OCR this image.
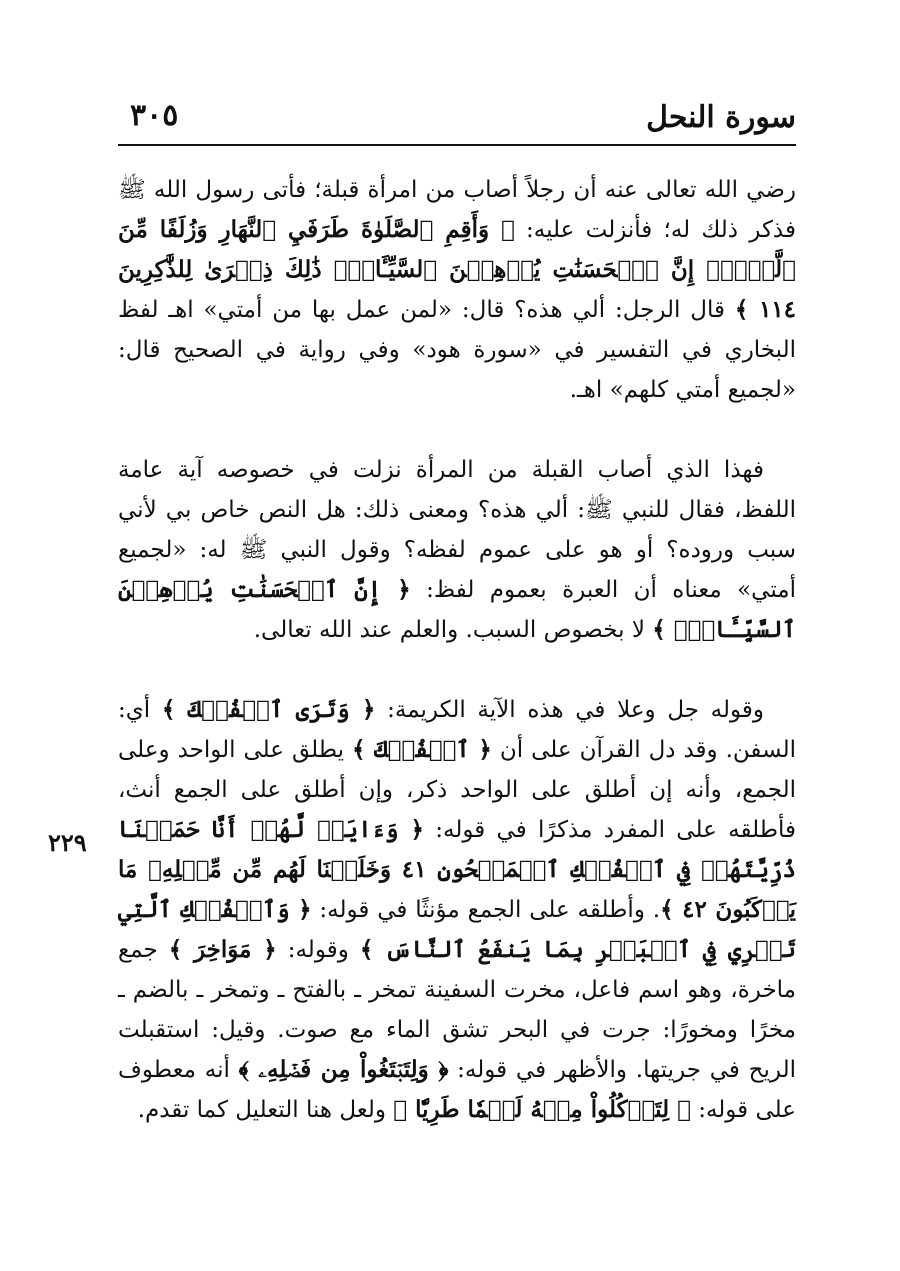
٣٠٥	سورة النحل
٢٢٩

رضي الله تعالى عنه أن رجلاً أصاب من امرأة قبلة؛ فأتى رسول الله ﷺ فذكر ذلك له؛ فأنزلت عليه: ﴿ وَأَقِمِ ٱلصَّلَوٰةَ طَرَفَيِ ٱلنَّهَارِ وَزُلَفًا مِّنَ ٱلَّيۡلِۚ إِنَّ ٱلۡحَسَنَٰتِ يُذۡهِبۡنَ ٱلسَّيِّـَٔاتِۚ ذَٰلِكَ ذِكۡرَىٰ لِلذَّٰكِرِينَ ١١٤ ﴾ قال الرجل: ألي هذه؟ قال: «لمن عمل بها من أمتي» اهـ لفظ البخاري في التفسير في «سورة هود» وفي رواية في الصحيح قال: «لجميع أمتي كلهم» اهـ.

فهذا الذي أصاب القبلة من المرأة نزلت في خصوصه آية عامة اللفظ، فقال للنبي ﷺ: ألي هذه؟ ومعنى ذلك: هل النص خاص بي لأني سبب وروده؟ أو هو على عموم لفظه؟ وقول النبي ﷺ له: «لجميع أمتي» معناه أن العبرة بعموم لفظ: ﴿ إِنَّ ٱلۡحَسَنَٰتِ يُذۡهِبۡنَ ٱلسَّيِّـَٔاتِۚ ﴾ لا بخصوص السبب. والعلم عند الله تعالى.

وقوله جل وعلا في هذه الآية الكريمة: ﴿ وَتَرَى ٱلۡفُلۡكَ ﴾ أي: السفن. وقد دل القرآن على أن ﴿ ٱلۡفُلۡكَ ﴾ يطلق على الواحد وعلى الجمع، وأنه إن أطلق على الواحد ذكر، وإن أطلق على الجمع أنث، فأطلقه على المفرد مذكرًا في قوله: ﴿ وَءَايَةٞ لَّهُمۡ أَنَّا حَمَلۡنَا ذُرِّيَّتَهُمۡ فِي ٱلۡفُلۡكِ ٱلۡمَشۡحُونِ ٤١ وَخَلَقۡنَا لَهُم مِّن مِّثۡلِهِۦ مَا يَرۡكَبُونَ ٤٢ ﴾. وأطلقه على الجمع مؤنثًا في قوله: ﴿ وَٱلۡفُلۡكِ ٱلَّتِي تَجۡرِي فِي ٱلۡبَحۡرِ بِمَا يَنفَعُ ٱلنَّاسَ ﴾ وقوله: ﴿ مَوَاخِرَ ﴾ جمع ماخرة، وهو اسم فاعل، مخرت السفينة تمخر ـ بالفتح ـ وتمخر ـ بالضم ـ مخرًا ومخورًا: جرت في البحر تشق الماء مع صوت. وقيل: استقبلت الريح في جريتها. والأظهر في قوله: ﴿ وَلِتَبۡتَغُواْ مِن فَضۡلِهِۦ ﴾ أنه معطوف على قوله: ﴿ لِتَأۡكُلُواْ مِنۡهُ لَحۡمٗا طَرِيّٗا ﴾ ولعل هنا التعليل كما تقدم.
